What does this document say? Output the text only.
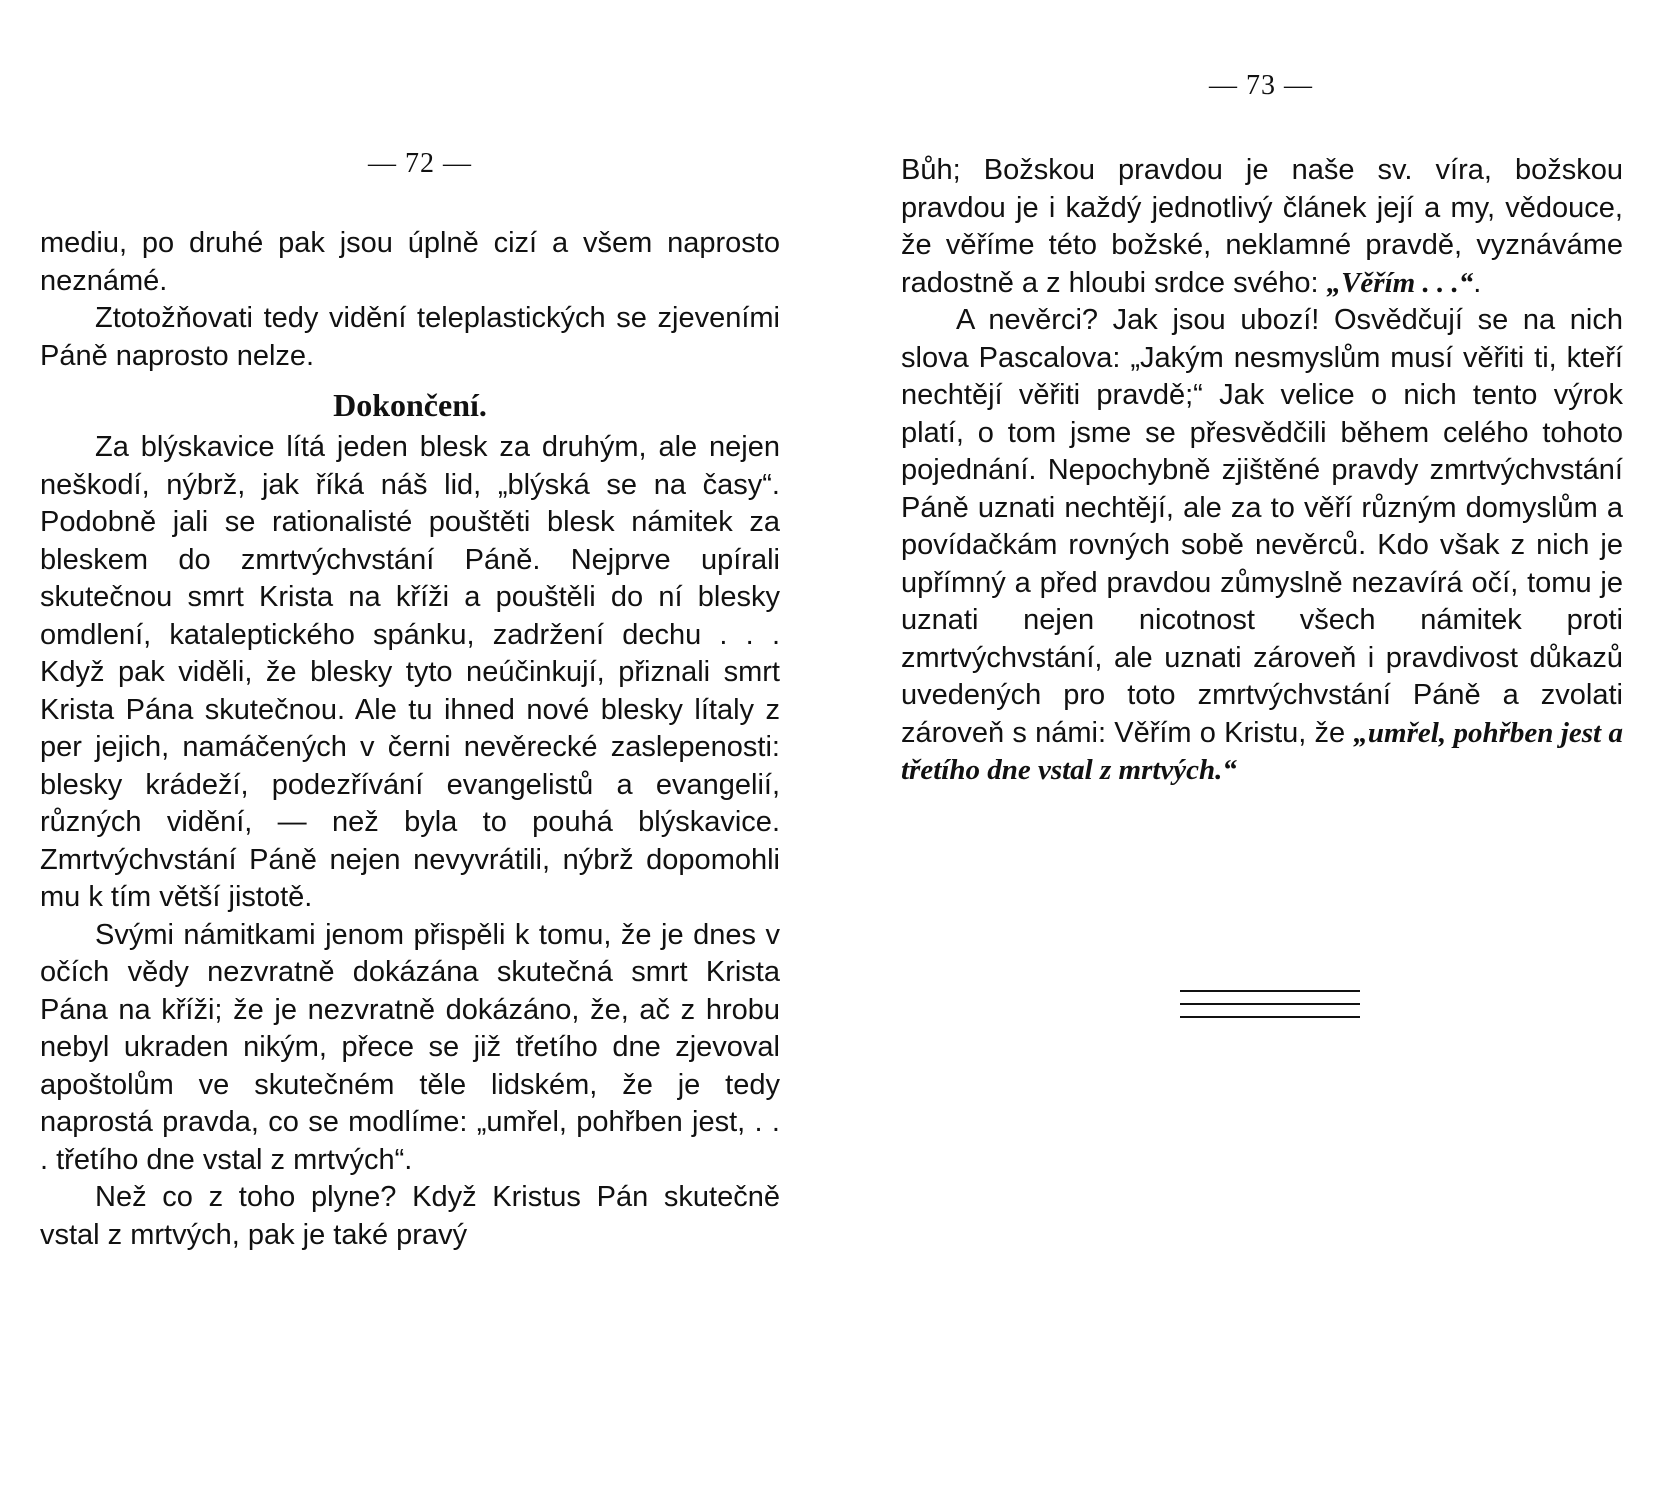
— 72 —

mediu, po druhé pak jsou úplně cizí a všem naprosto neznámé.

Ztotožňovati tedy vidění teleplastických se zjeveními Páně naprosto nelze.

Dokončení.

Za blýskavice lítá jeden blesk za druhým, ale nejen neškodí, nýbrž, jak říká náš lid, „blýská se na časy“. Podobně jali se rationalisté pouštěti blesk námitek za bleskem do zmrtvýchvstání Páně. Nejprve upírali skutečnou smrt Krista na kříži a pouštěli do ní blesky omdlení, kataleptického spánku, zadržení dechu . . . Když pak viděli, že blesky tyto neúčinkují, přiznali smrt Krista Pána skutečnou. Ale tu ihned nové blesky lítaly z per jejich, namáčených v černi nevěrecké zaslepenosti: blesky krádeží, podezřívání evangelistů a evangelií, různých vidění, — než byla to pouhá blýskavice. Zmrtvýchvstání Páně nejen nevyvrátili, nýbrž dopomohli mu k tím větší jistotě.

Svými námitkami jenom přispěli k tomu, že je dnes v očích vědy nezvratně dokázána skutečná smrt Krista Pána na kříži; že je nezvratně dokázáno, že, ač z hrobu nebyl ukraden nikým, přece se již třetího dne zjevoval apoštolům ve skutečném těle lidském, že je tedy naprostá pravda, co se modlíme: „umřel, pohřben jest, . . . třetího dne vstal z mrtvých“.

Než co z toho plyne? Když Kristus Pán skutečně vstal z mrtvých, pak je také pravý

— 73 —

Bůh; Božskou pravdou je naše sv. víra, božskou pravdou je i každý jednotlivý článek její a my, vědouce, že věříme této božské, neklamné pravdě, vyznáváme radostně a z hloubi srdce svého: „Věřím . . .“.

A nevěrci? Jak jsou ubozí! Osvědčují se na nich slova Pascalova: „Jakým nesmyslům musí věřiti ti, kteří nechtějí věřiti pravdě;“ Jak velice o nich tento výrok platí, o tom jsme se přesvědčili během celého tohoto pojednání. Nepochybně zjištěné pravdy zmrtvýchvstání Páně uznati nechtějí, ale za to věří různým domyslům a povídačkám rovných sobě nevěrců. Kdo však z nich je upřímný a před pravdou zůmyslně nezavírá očí, tomu je uznati nejen nicotnost všech námitek proti zmrtvýchvstání, ale uznati zároveň i pravdivost důkazů uvedených pro toto zmrtvýchvstání Páně a zvolati zároveň s námi: Věřím o Kristu, že „umřel, pohřben jest a třetího dne vstal z mrtvých.“
